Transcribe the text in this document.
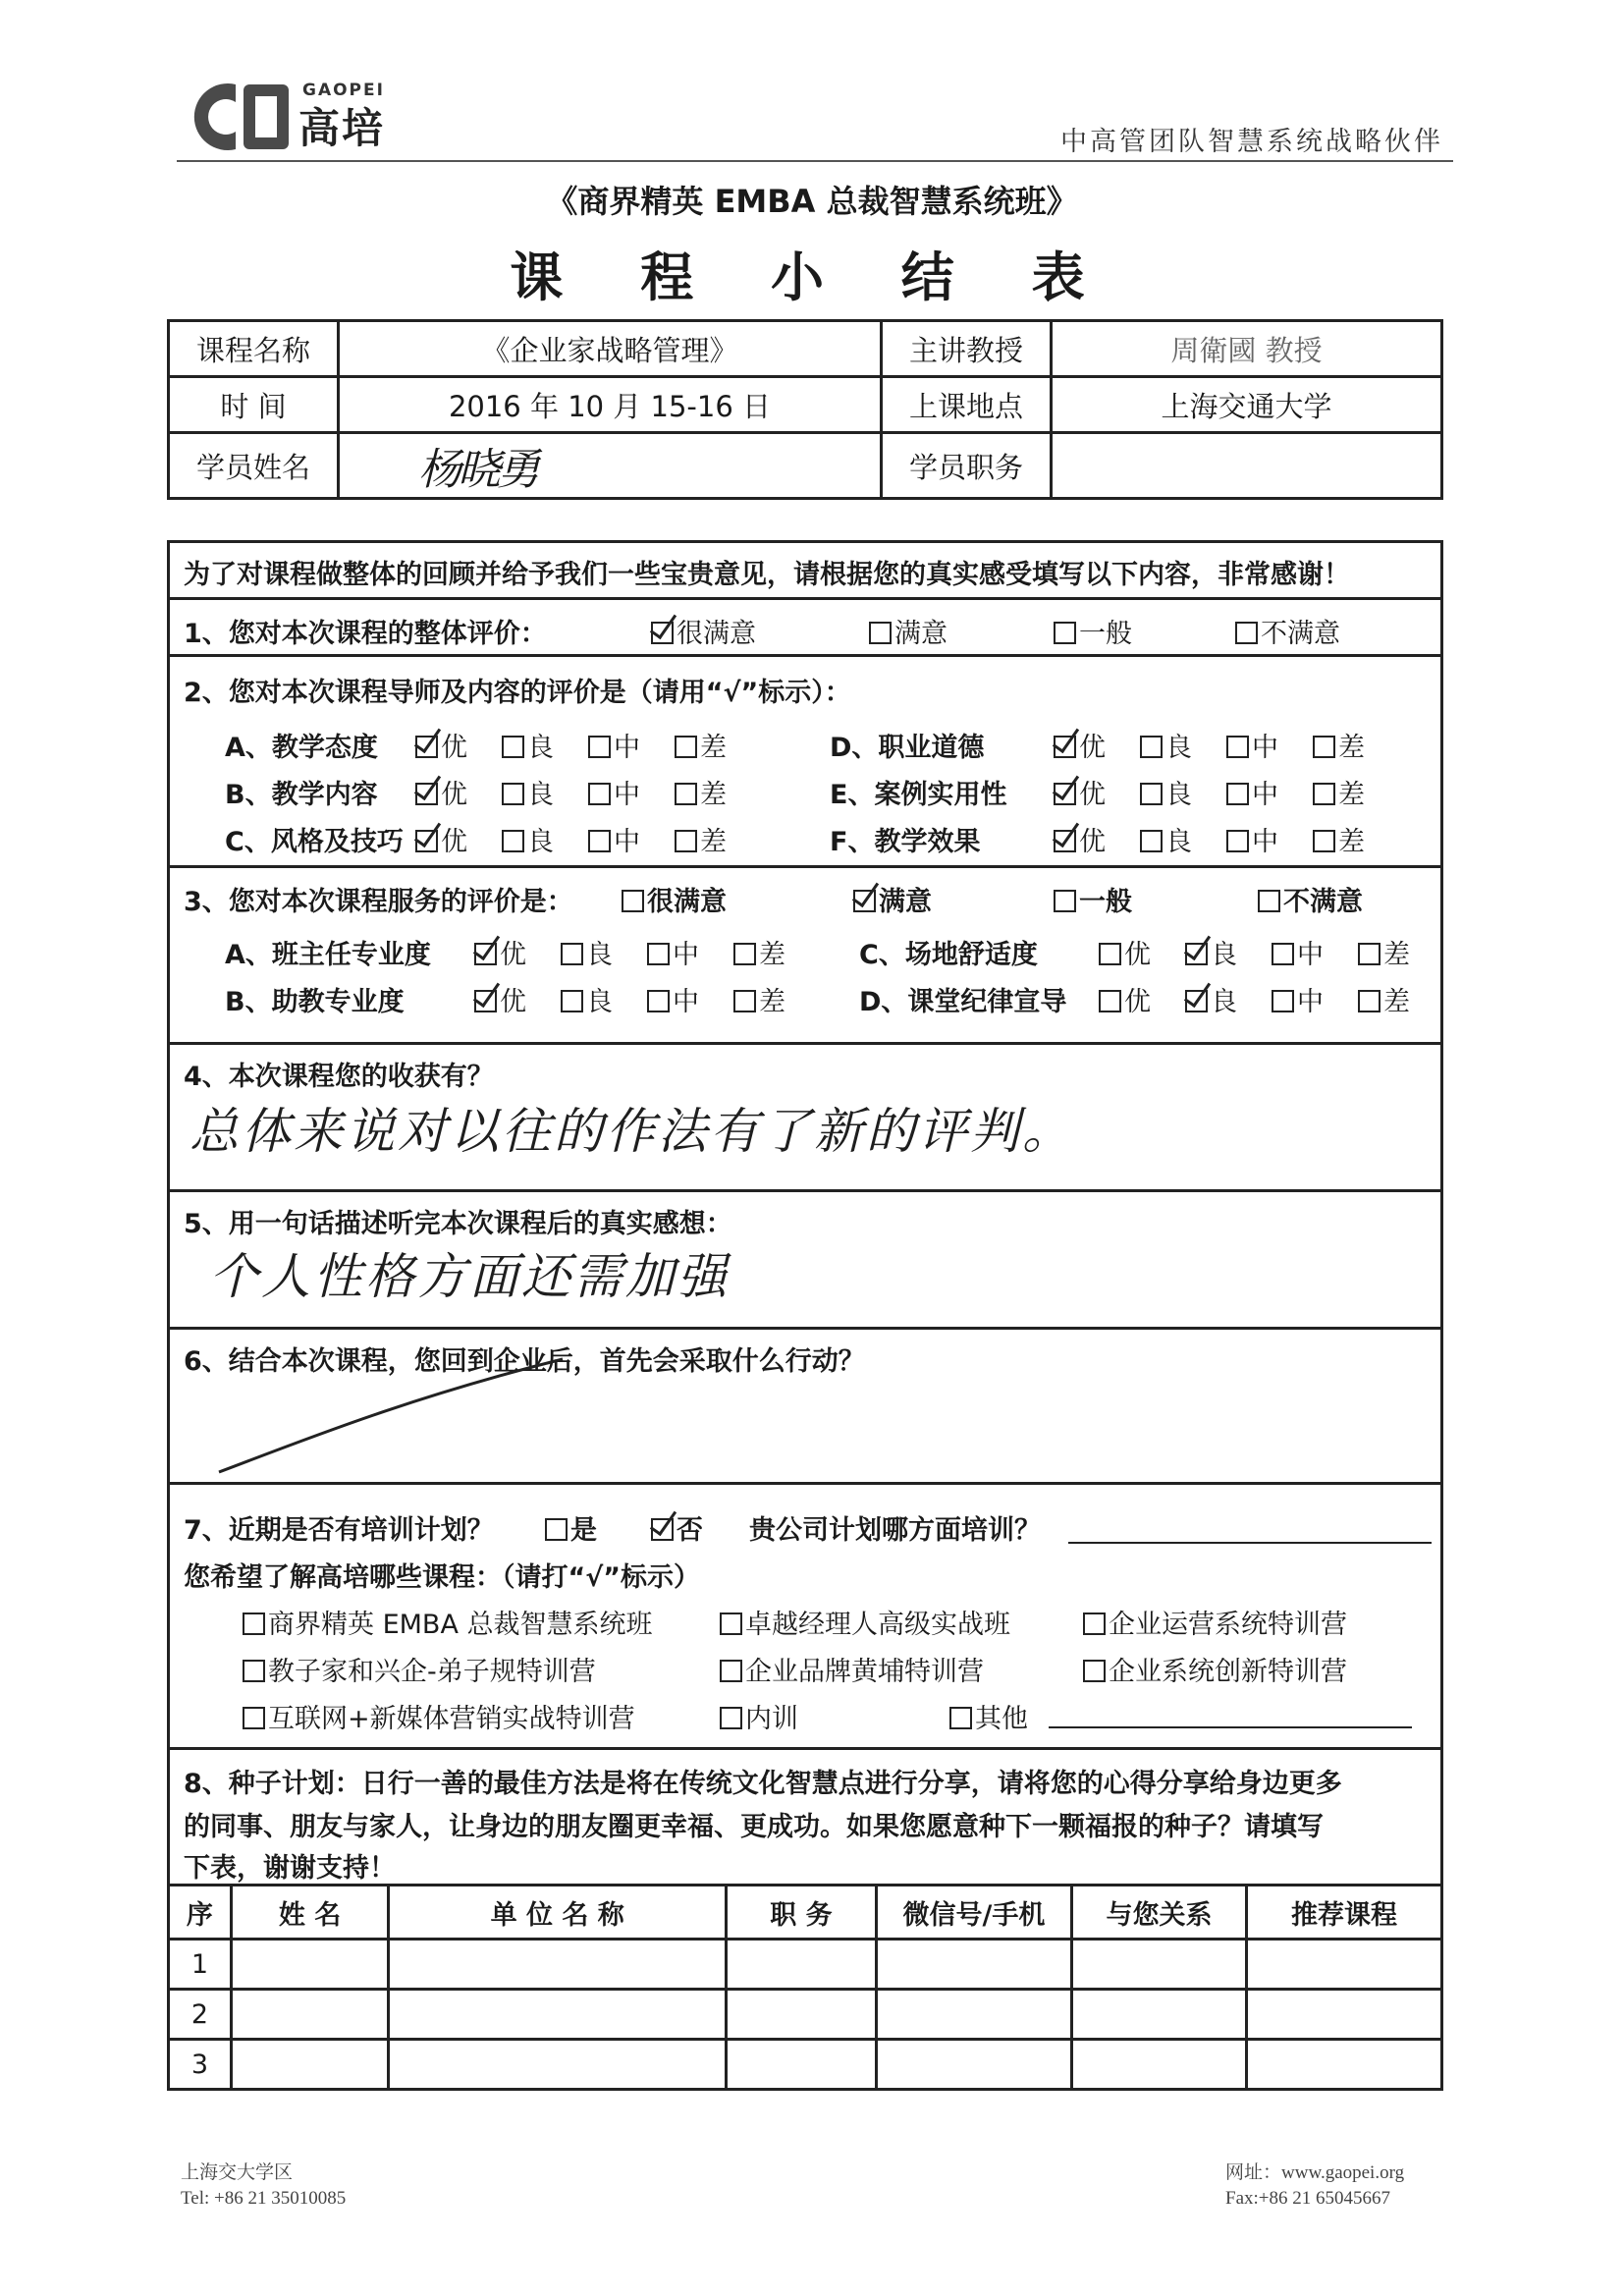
GAOPEI
高培	中高管团队智慧系统战略伙伴
《商界精英 EMBA 总裁智慧系统班》
课 程 小 结 表
课程名称	《企业家战略管理》	主讲教授	周衛國 教授
时 间	2016 年 10 月 15-16 日	上课地点	上海交通大学
学员姓名	杨晓勇	学员职务	
为了对课程做整体的回顾并给予我们一些宝贵意见，请根据您的真实感受填写以下内容，非常感谢！
1、您对本次课程的整体评价：	很满意	满意	一般	不满意
2、您对本次课程导师及内容的评价是（请用“√”标示）：
A、教学态度	优	良	中	差
B、教学内容	优	良	中	差
C、风格及技巧	优	良	中	差
D、职业道德	优	良	中	差
E、案例实用性	优	良	中	差
F、教学效果	优	良	中	差
3、您对本次课程服务的评价是：	很满意	满意	一般	不满意
A、班主任专业度	优	良	中	差
B、助教专业度	优	良	中	差
C、场地舒适度	优	良	中	差
D、课堂纪律宣导	优	良	中	差
4、本次课程您的收获有？
总体来说对以往的作法有了新的评判。
5、用一句话描述听完本次课程后的真实感想：
个人性格方面还需加强
6、结合本次课程，您回到企业后，首先会采取什么行动？
7、近期是否有培训计划？	是	否 贵公司计划哪方面培训？
您希望了解高培哪些课程：（请打“√”标示）
商界精英 EMBA 总裁智慧系统班	卓越经理人高级实战班	企业运营系统特训营
教子家和兴企-弟子规特训营	企业品牌黄埔特训营	企业系统创新特训营
互联网+新媒体营销实战特训营	内训	其他
8、种子计划：日行一善的最佳方法是将在传统文化智慧点进行分享，请将您的心得分享给身边更多
的同事、朋友与家人，让身边的朋友圈更幸福、更成功。如果您愿意种下一颗福报的种子？请填写
下表，谢谢支持！
序	姓 名	单 位 名 称	职 务	微信号/手机	与您关系	推荐课程
1						
2						
3						
上海交大学区
Tel: +86 21 35010085
网址：www.gaopei.org
Fax:+86 21 65045667
